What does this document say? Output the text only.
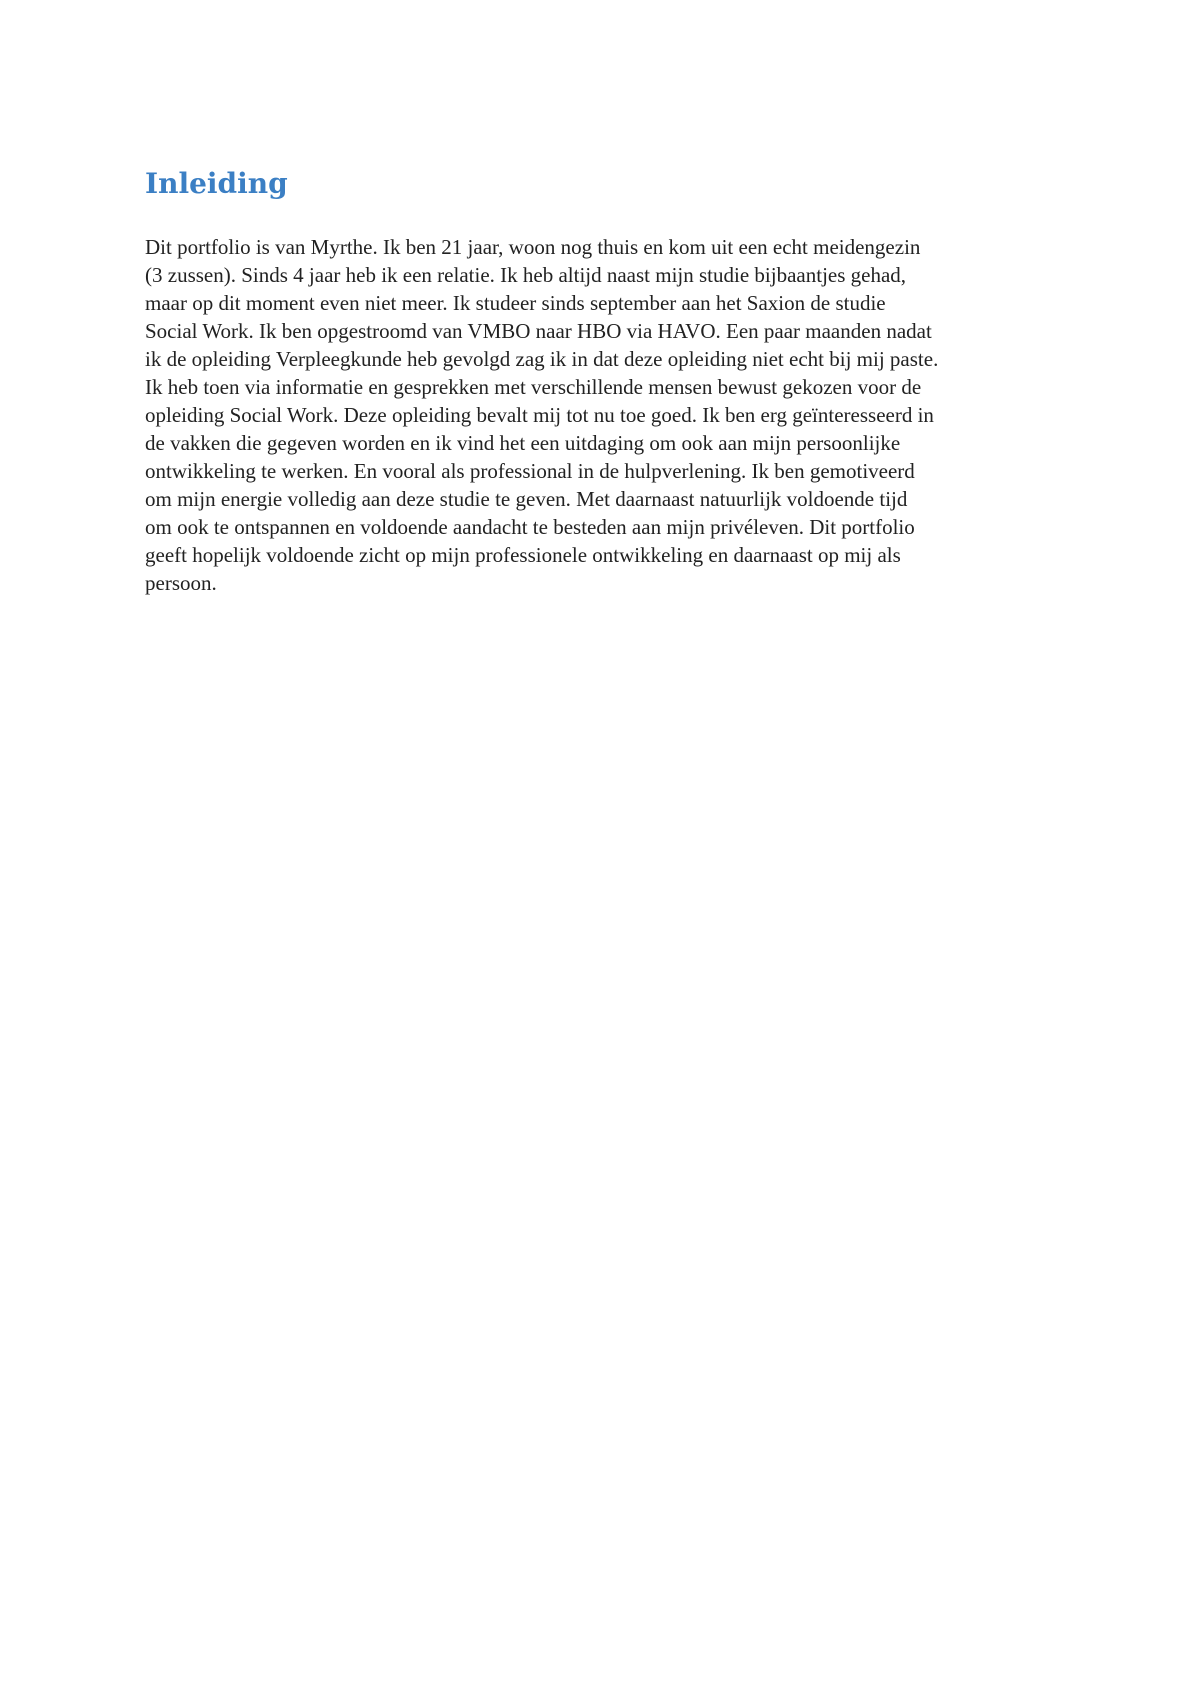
Inleiding
Dit portfolio is van Myrthe. Ik ben 21 jaar, woon nog thuis en kom uit een echt meidengezin
(3 zussen). Sinds 4 jaar heb ik een relatie. Ik heb altijd naast mijn studie bijbaantjes gehad,
maar op dit moment even niet meer. Ik studeer sinds september aan het Saxion de studie
Social Work. Ik ben opgestroomd van VMBO naar HBO via HAVO. Een paar maanden nadat
ik de opleiding Verpleegkunde heb gevolgd zag ik in dat deze opleiding niet echt bij mij paste.
Ik heb toen via informatie en gesprekken met verschillende mensen bewust gekozen voor de
opleiding Social Work. Deze opleiding bevalt mij tot nu toe goed. Ik ben erg geïnteresseerd in
de vakken die gegeven worden en ik vind het een uitdaging om ook aan mijn persoonlijke
ontwikkeling te werken. En vooral als professional in de hulpverlening. Ik ben gemotiveerd
om mijn energie volledig aan deze studie te geven. Met daarnaast natuurlijk voldoende tijd
om ook te ontspannen en voldoende aandacht te besteden aan mijn privéleven. Dit portfolio
geeft hopelijk voldoende zicht op mijn professionele ontwikkeling en daarnaast op mij als
persoon.
